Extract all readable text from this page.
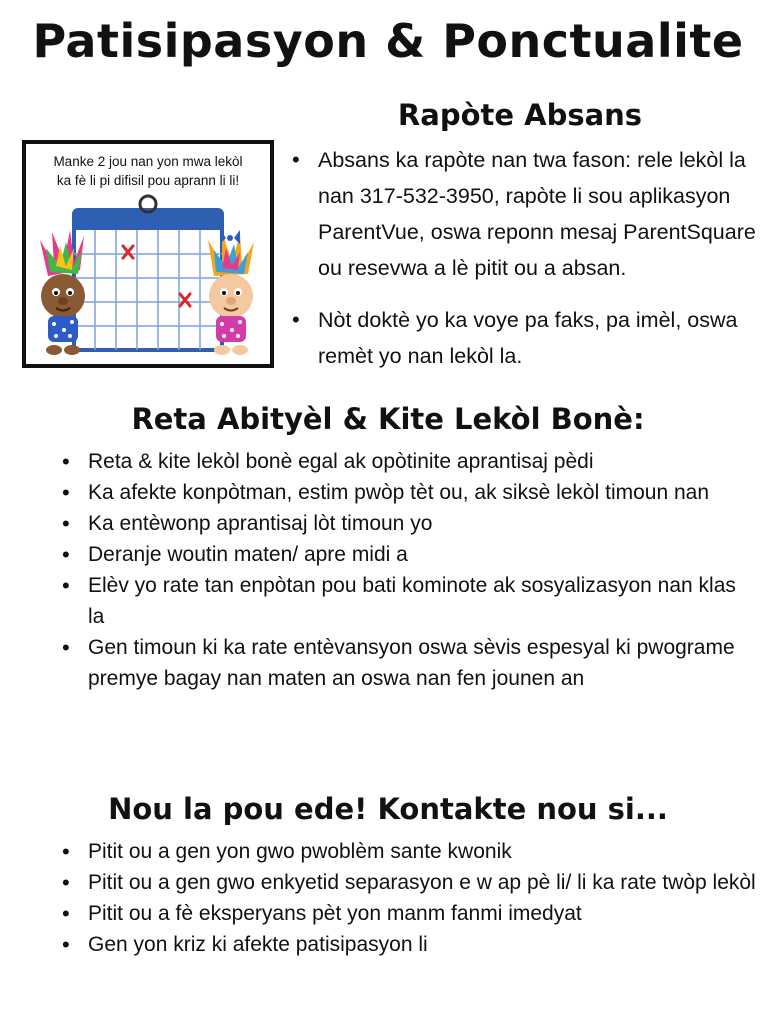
Patisipasyon & Ponctualite
Manke 2 jou nan yon mwa lekòl
ka fè li pi difisil pou aprann li li!
Rapòte Absans
• Absans ka rapòte nan twa fason: rele lekòl la nan 317-532-3950, rapòte li sou aplikasyon ParentVue, oswa reponn mesaj ParentSquare ou resevwa a lè pitit ou a absan.
• Nòt doktè yo ka voye pa faks, pa imèl, oswa remèt yo nan lekòl la.
Reta Abityèl & Kite Lekòl Bonè:
• Reta & kite lekòl bonè egal ak opòtinite aprantisaj pèdi
• Ka afekte konpòtman, estim pwòp tèt ou, ak siksè lekòl timoun nan
• Ka entèwonp aprantisaj lòt timoun yo
• Deranje woutin maten/ apre midi a
• Elèv yo rate tan enpòtan pou bati kominote ak sosyalizasyon nan klas la
• Gen timoun ki ka rate entèvansyon oswa sèvis espesyal ki pwograme premye bagay nan maten an oswa nan fen jounen an
Nou la pou ede! Kontakte nou si...
• Pitit ou a gen yon gwo pwoblèm sante kwonik
• Pitit ou a gen gwo enkyetid separasyon e w ap pè li/ li ka rate twòp lekòl
• Pitit ou a fè eksperyans pèt yon manm fanmi imedyat
• Gen yon kriz ki afekte patisipasyon li
